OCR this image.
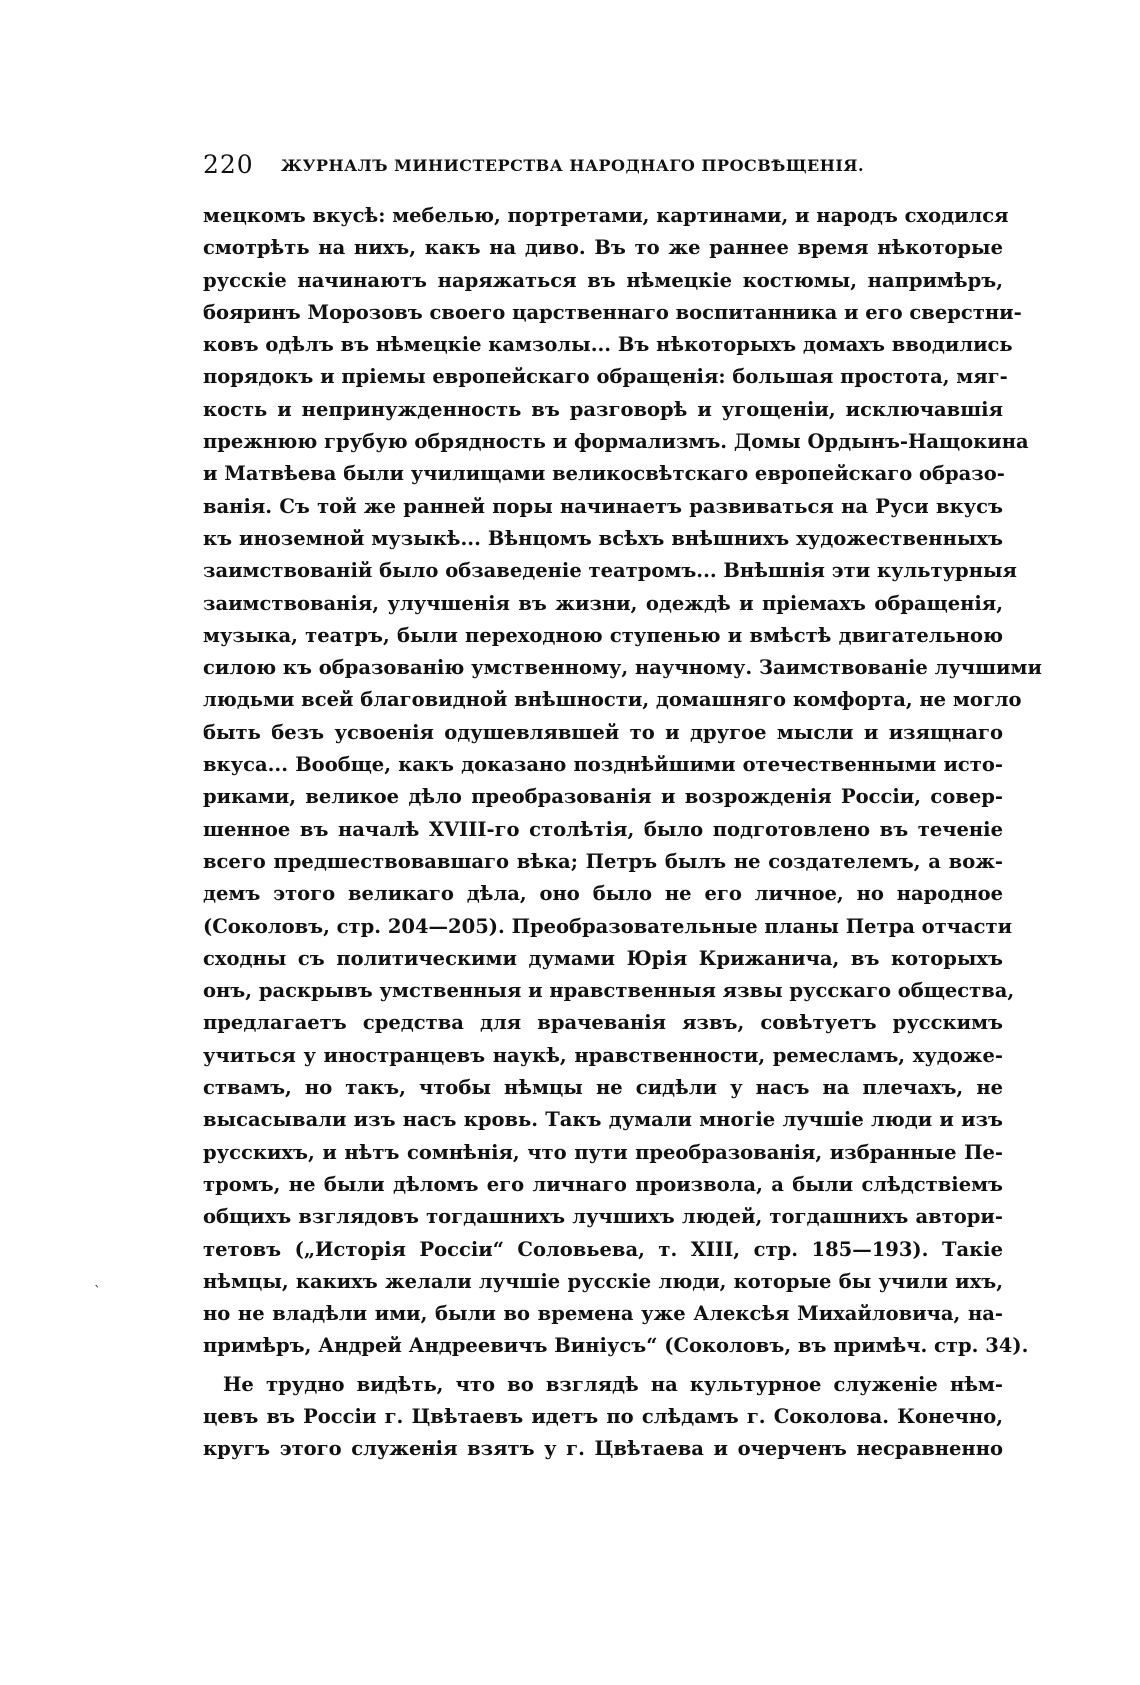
220 ЖУРНАЛЪ МИНИСТЕРСТВА НАРОДНАГО ПРОСВѢЩЕНІЯ.
мецкомъ вкусѣ: мебелью, портретами, картинами, и народъ сходился
смотрѣть на нихъ, какъ на диво. Въ то же раннее время нѣкоторые
русскіе начинаютъ наряжаться въ нѣмецкіе костюмы, напримѣръ,
бояринъ Морозовъ своего царственнаго воспитанника и его сверстни-
ковъ одѣлъ въ нѣмецкіе камзолы... Въ нѣкоторыхъ домахъ вводились
порядокъ и пріемы европейскаго обращенія: большая простота, мяг-
кость и непринужденность въ разговорѣ и угощеніи, исключавшія
прежнюю грубую обрядность и формализмъ. Домы Ордынъ-Нащокина
и Матвѣева были училищами великосвѣтскаго европейскаго образо-
ванія. Съ той же ранней поры начинаетъ развиваться на Руси вкусъ
къ иноземной музыкѣ... Вѣнцомъ всѣхъ внѣшнихъ художественныхъ
заимствованій было обзаведеніе театромъ... Внѣшнія эти культурныя
заимствованія, улучшенія въ жизни, одеждѣ и пріемахъ обращенія,
музыка, театръ, были переходною ступенью и вмѣстѣ двигательною
силою къ образованію умственному, научному. Заимствованіе лучшими
людьми всей благовидной внѣшности, домашняго комфорта, не могло
быть безъ усвоенія одушевлявшей то и другое мысли и изящнаго
вкуса... Вообще, какъ доказано позднѣйшими отечественными исто-
риками, великое дѣло преобразованія и возрожденія Россіи, совер-
шенное въ началѣ XVIII-го столѣтія, было подготовлено въ теченіе
всего предшествовавшаго вѣка; Петръ былъ не создателемъ, а вож-
демъ этого великаго дѣла, оно было не его личное, но народное
(Соколовъ, стр. 204—205). Преобразовательные планы Петра отчасти
сходны съ политическими думами Юрія Крижанича, въ которыхъ
онъ, раскрывъ умственныя и нравственныя язвы русскаго общества,
предлагаетъ средства для врачеванія язвъ, совѣтуетъ русскимъ
учиться у иностранцевъ наукѣ, нравственности, ремесламъ, художе-
ствамъ, но такъ, чтобы нѣмцы не сидѣли у насъ на плечахъ, не
высасывали изъ насъ кровь. Такъ думали многіе лучшіе люди и изъ
русскихъ, и нѣтъ сомнѣнія, что пути преобразованія, избранные Пе-
тромъ, не были дѣломъ его личнаго произвола, а были слѣдствіемъ
общихъ взглядовъ тогдашнихъ лучшихъ людей, тогдашнихъ автори-
тетовъ („Исторія Россіи“ Соловьева, т. XIII, стр. 185—193). Такіе
нѣмцы, какихъ желали лучшіе русскіе люди, которые бы учили ихъ,
но не владѣли ими, были во времена уже Алексѣя Михайловича, на-
примѣръ, Андрей Андреевичъ Виніусъ“ (Соколовъ, въ примѣч. стр. 34).
Не трудно видѣть, что во взглядѣ на культурное служеніе нѣм-
цевъ въ Россіи г. Цвѣтаевъ идетъ по слѣдамъ г. Соколова. Конечно,
кругъ этого служенія взятъ у г. Цвѣтаева и очерченъ несравненно
ˋ
